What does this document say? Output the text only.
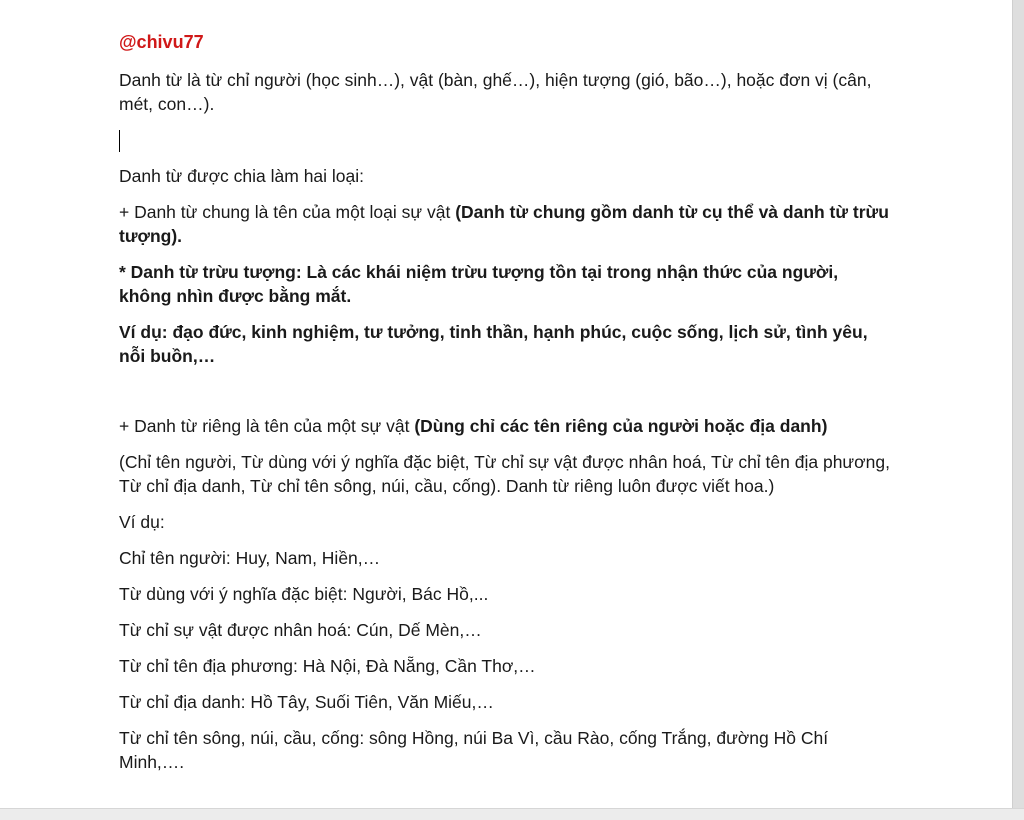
@chivu77

Danh từ là từ chỉ người (học sinh…), vật (bàn, ghế…), hiện tượng (gió, bão…), hoặc đơn vị (cân, mét, con…).

Danh từ được chia làm hai loại:

+ Danh từ chung là tên của một loại sự vật (Danh từ chung gồm danh từ cụ thể và danh từ trừu tượng).

* Danh từ trừu tượng: Là các khái niệm trừu tượng tồn tại trong nhận thức của người, không nhìn được bằng mắt.

Ví dụ: đạo đức, kinh nghiệm, tư tưởng, tinh thần, hạnh phúc, cuộc sống, lịch sử, tình yêu, nỗi buồn,…

+ Danh từ riêng là tên của một sự vật (Dùng chỉ các tên riêng của người hoặc địa danh)

(Chỉ tên người, Từ dùng với ý nghĩa đặc biệt, Từ chỉ sự vật được nhân hoá, Từ chỉ tên địa phương, Từ chỉ địa danh, Từ chỉ tên sông, núi, cầu, cống). Danh từ riêng luôn được viết hoa.)

Ví dụ:

Chỉ tên người: Huy, Nam, Hiền,…

Từ dùng với ý nghĩa đặc biệt: Người, Bác Hồ,...

Từ chỉ sự vật được nhân hoá: Cún, Dế Mèn,…

Từ chỉ tên địa phương: Hà Nội, Đà Nẵng, Cần Thơ,…

Từ chỉ địa danh: Hồ Tây, Suối Tiên, Văn Miếu,…

Từ chỉ tên sông, núi, cầu, cống: sông Hồng, núi Ba Vì, cầu Rào, cống Trắng, đường Hồ Chí Minh,….
